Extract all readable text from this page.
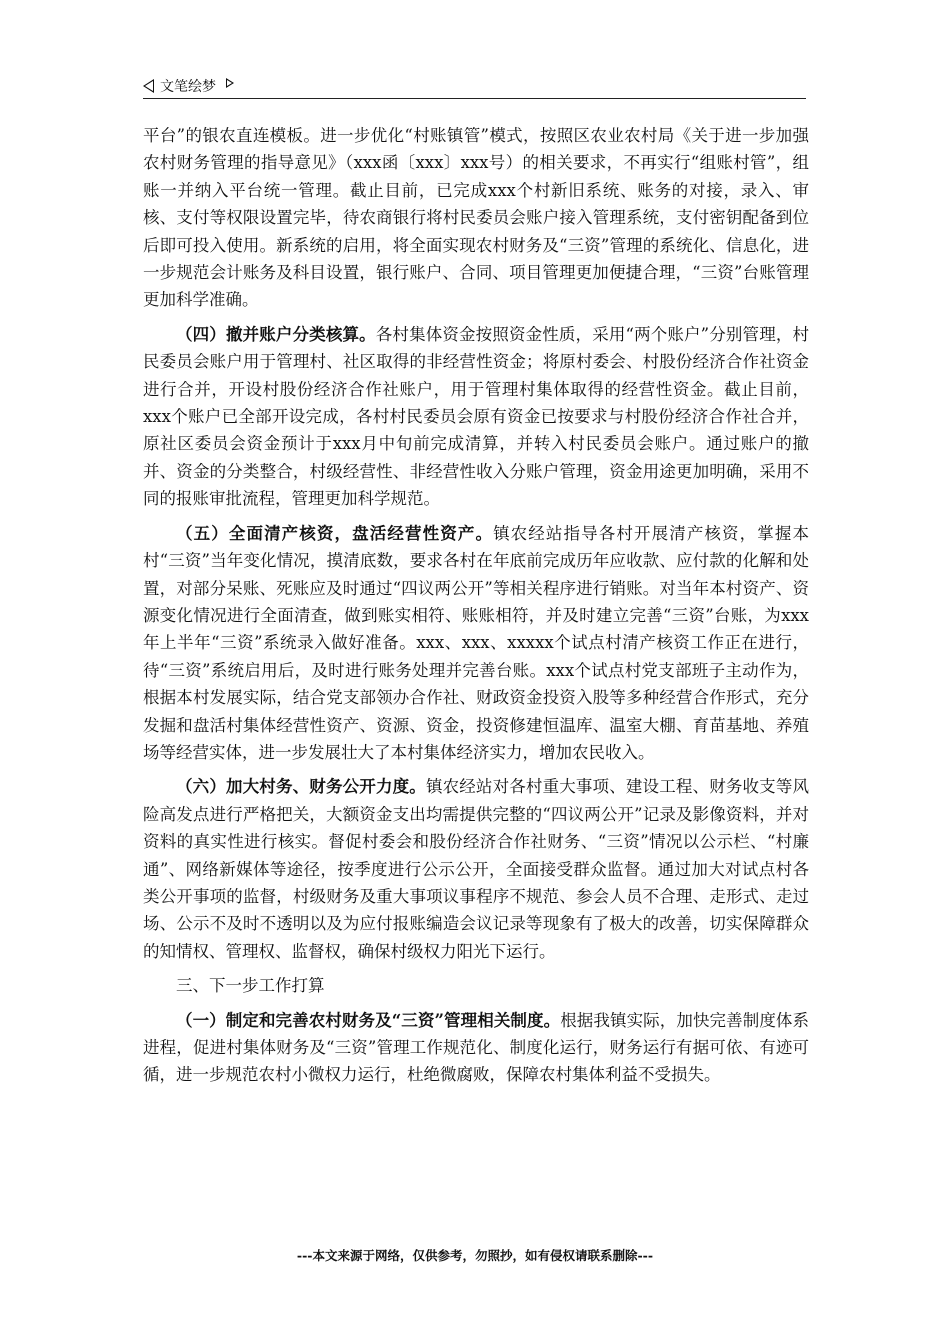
文笔绘梦

平台”的银农直连模板。进一步优化“村账镇管”模式，按照区农业农村局《关于进一步加强农村财务管理的指导意见》（xxx函〔xxx〕xxx号）的相关要求，不再实行“组账村管”，组账一并纳入平台统一管理。截止目前，已完成xxx个村新旧系统、账务的对接，录入、审核、支付等权限设置完毕，待农商银行将村民委员会账户接入管理系统，支付密钥配备到位后即可投入使用。新系统的启用，将全面实现农村财务及“三资”管理的系统化、信息化，进一步规范会计账务及科目设置，银行账户、合同、项目管理更加便捷合理，“三资”台账管理更加科学准确。

（四）撤并账户分类核算。各村集体资金按照资金性质，采用“两个账户”分别管理，村民委员会账户用于管理村、社区取得的非经营性资金；将原村委会、村股份经济合作社资金进行合并，开设村股份经济合作社账户，用于管理村集体取得的经营性资金。截止目前，xxx个账户已全部开设完成，各村村民委员会原有资金已按要求与村股份经济合作社合并，原社区委员会资金预计于xxx月中旬前完成清算，并转入村民委员会账户。通过账户的撤并、资金的分类整合，村级经营性、非经营性收入分账户管理，资金用途更加明确，采用不同的报账审批流程，管理更加科学规范。

（五）全面清产核资，盘活经营性资产。镇农经站指导各村开展清产核资，掌握本村“三资”当年变化情况，摸清底数，要求各村在年底前完成历年应收款、应付款的化解和处置，对部分呆账、死账应及时通过“四议两公开”等相关程序进行销账。对当年本村资产、资源变化情况进行全面清查，做到账实相符、账账相符，并及时建立完善“三资”台账，为xxx年上半年“三资”系统录入做好准备。xxx、xxx、xxxxx个试点村清产核资工作正在进行，待“三资”系统启用后，及时进行账务处理并完善台账。xxx个试点村党支部班子主动作为，根据本村发展实际，结合党支部领办合作社、财政资金投资入股等多种经营合作形式，充分发掘和盘活村集体经营性资产、资源、资金，投资修建恒温库、温室大棚、育苗基地、养殖场等经营实体，进一步发展壮大了本村集体经济实力，增加农民收入。

（六）加大村务、财务公开力度。镇农经站对各村重大事项、建设工程、财务收支等风险高发点进行严格把关，大额资金支出均需提供完整的“四议两公开”记录及影像资料，并对资料的真实性进行核实。督促村委会和股份经济合作社财务、“三资”情况以公示栏、“村廉通”、网络新媒体等途径，按季度进行公示公开，全面接受群众监督。通过加大对试点村各类公开事项的监督，村级财务及重大事项议事程序不规范、参会人员不合理、走形式、走过场、公示不及时不透明以及为应付报账编造会议记录等现象有了极大的改善，切实保障群众的知情权、管理权、监督权，确保村级权力阳光下运行。

三、下一步工作打算

（一）制定和完善农村财务及“三资”管理相关制度。根据我镇实际，加快完善制度体系进程，促进村集体财务及“三资”管理工作规范化、制度化运行，财务运行有据可依、有迹可循，进一步规范农村小微权力运行，杜绝微腐败，保障农村集体利益不受损失。

---本文来源于网络，仅供参考，勿照抄，如有侵权请联系删除---
